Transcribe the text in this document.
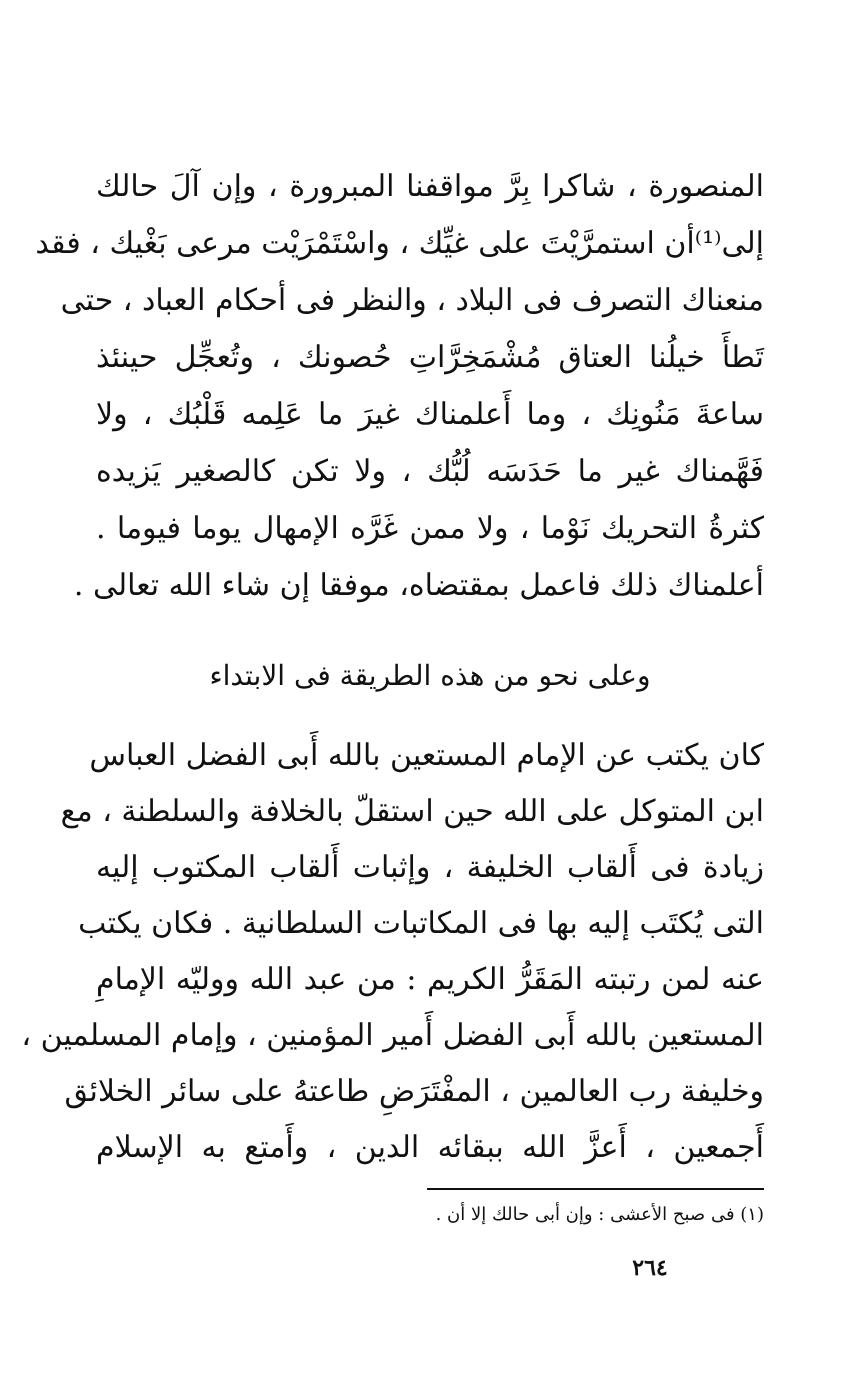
المنصورة ، شاكرا بِرَّ مواقفنا المبرورة ، وإن آلَ حالك
إلى⁽¹⁾أن استمرَّيْتَ على غيِّك ، واسْتَمْرَيْت مرعى بَغْيك ، فقد
منعناك التصرف فى البلاد ، والنظر فى أحكام العباد ، حتى
تَطأَ خيلُنا العتاق مُشْمَخِرَّاتِ حُصونك ، وتُعجِّل حينئذ
ساعةَ مَنُونِك ، وما أَعلمناك غيرَ ما عَلِمه قَلْبُك ، ولا
فَهَّمناك غير ما حَدَسَه لُبُّك ، ولا تكن كالصغير يَزيده
كثرةُ التحريك نَوْما ، ولا ممن غَرَّه الإمهال يوما فيوما .
أعلمناك ذلك فاعمل بمقتضاه، موفقا إن شاء الله تعالى .
وعلى نحو من هذه الطريقة فى الابتداء
كان يكتب عن الإمام المستعين بالله أَبى الفضل العباس
ابن المتوكل على الله حين استقلّ بالخلافة والسلطنة ، مع
زيادة فى أَلقاب الخليفة ، وإثبات أَلقاب المكتوب إليه
التى يُكتَب إليه بها فى المكاتبات السلطانية . فكان يكتب
عنه لمن رتبته المَقَرُّ الكريم : من عبد الله ووليّه الإمامِ
المستعين بالله أَبى الفضل أَمير المؤمنين ، وإمام المسلمين ،
وخليفة رب العالمين ، المفْتَرَضِ طاعتهُ على سائر الخلائق
أَجمعين ، أَعزَّ الله ببقائه الدين ، وأَمتع به الإسلام
(١) فى صبح الأعشى : وإن أبى حالك إلا أن .
٢٦٤
